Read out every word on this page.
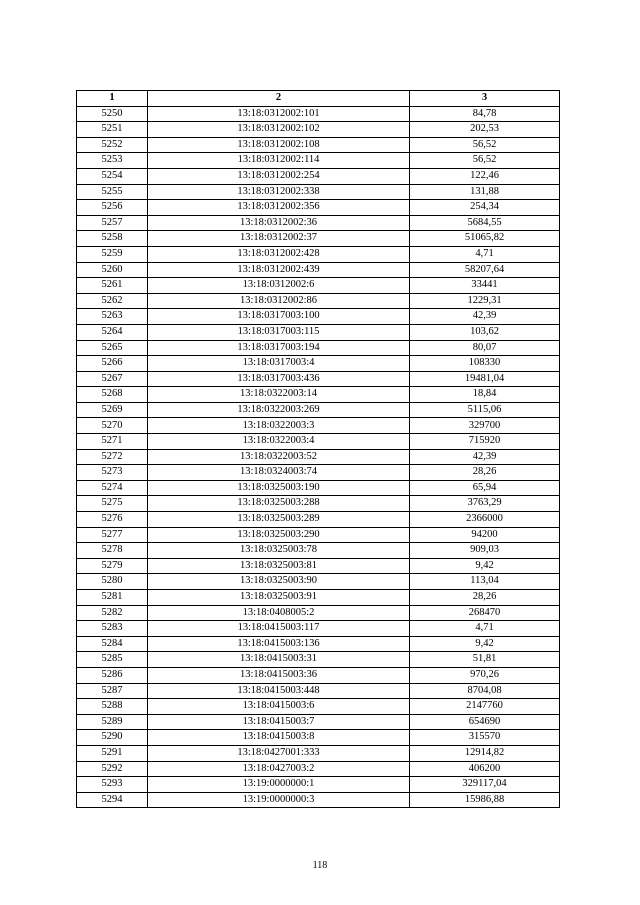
1	2	3
5250	13:18:0312002:101	84,78
5251	13:18:0312002:102	202,53
5252	13:18:0312002:108	56,52
5253	13:18:0312002:114	56,52
5254	13:18:0312002:254	122,46
5255	13:18:0312002:338	131,88
5256	13:18:0312002:356	254,34
5257	13:18:0312002:36	5684,55
5258	13:18:0312002:37	51065,82
5259	13:18:0312002:428	4,71
5260	13:18:0312002:439	58207,64
5261	13:18:0312002:6	33441
5262	13:18:0312002:86	1229,31
5263	13:18:0317003:100	42,39
5264	13:18:0317003:115	103,62
5265	13:18:0317003:194	80,07
5266	13:18:0317003:4	108330
5267	13:18:0317003:436	19481,04
5268	13:18:0322003:14	18,84
5269	13:18:0322003:269	5115,06
5270	13:18:0322003:3	329700
5271	13:18:0322003:4	715920
5272	13:18:0322003:52	42,39
5273	13:18:0324003:74	28,26
5274	13:18:0325003:190	65,94
5275	13:18:0325003:288	3763,29
5276	13:18:0325003:289	2366000
5277	13:18:0325003:290	94200
5278	13:18:0325003:78	909,03
5279	13:18:0325003:81	9,42
5280	13:18:0325003:90	113,04
5281	13:18:0325003:91	28,26
5282	13:18:0408005:2	268470
5283	13:18:0415003:117	4,71
5284	13:18:0415003:136	9,42
5285	13:18:0415003:31	51,81
5286	13:18:0415003:36	970,26
5287	13:18:0415003:448	8704,08
5288	13:18:0415003:6	2147760
5289	13:18:0415003:7	654690
5290	13:18:0415003:8	315570
5291	13:18:0427001:333	12914,82
5292	13:18:0427003:2	406200
5293	13:19:0000000:1	329117,04
5294	13:19:0000000:3	15986,88
118
